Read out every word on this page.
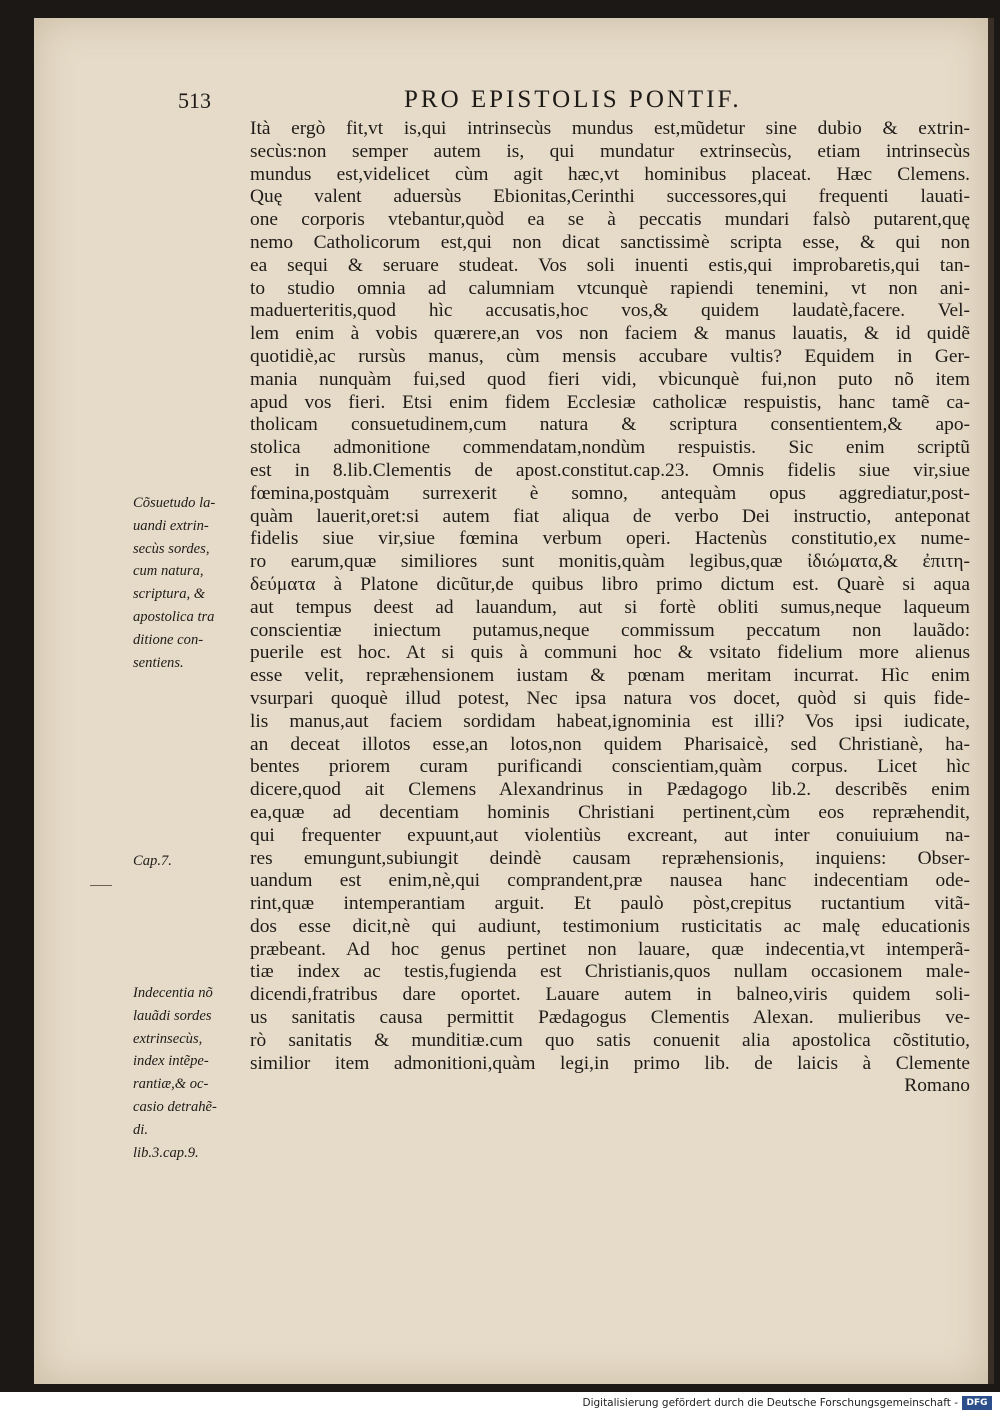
513	PRO EPISTOLIS PONTIF.
Ità ergò fit,vt is,qui intrinsecùs mundus est,mũdetur sine dubio & extrin-
secùs:non semper autem is, qui mundatur extrinsecùs, etiam intrinsecùs
mundus est,videlicet cùm agit hæc,vt hominibus placeat. Hæc Clemens.
Quę valent aduersùs Ebionitas,Cerinthi successores,qui frequenti lauati-
one corporis vtebantur,quòd ea se à peccatis mundari falsò putarent,quę
nemo Catholicorum est,qui non dicat sanctissimè scripta esse, & qui non
ea sequi & seruare studeat. Vos soli inuenti estis,qui improbaretis,qui tan-
to studio omnia ad calumniam vtcunquè rapiendi tenemini, vt non ani-
maduerteritis,quod hìc accusatis,hoc vos,& quidem laudatè,facere. Vel-
lem enim à vobis quærere,an vos non faciem & manus lauatis, & id quidẽ
quotidiè,ac rursùs manus, cùm mensis accubare vultis? Equidem in Ger-
mania nunquàm fui,sed quod fieri vidi, vbicunquè fui,non puto nõ item
apud vos fieri. Etsi enim fidem Ecclesiæ catholicæ respuistis, hanc tamẽ ca-
tholicam consuetudinem,cum natura & scriptura consentientem,& apo-
stolica admonitione commendatam,nondùm respuistis. Sic enim scriptũ
est in 8.lib.Clementis de apost.constitut.cap.23. Omnis fidelis siue vir,siue
fœmina,postquàm surrexerit è somno, antequàm opus aggrediatur,post-
quàm lauerit,oret:si autem fiat aliqua de verbo Dei instructio, anteponat
fidelis siue vir,siue fœmina verbum operi. Hactenùs constitutio,ex nume-
ro earum,quæ similiores sunt monitis,quàm legibus,quæ ἰδιώματα,& ἐπιτη-
δεύματα à Platone dicũtur,de quibus libro primo dictum est. Quarè si aqua
aut tempus deest ad lauandum, aut si fortè obliti sumus,neque laqueum
conscientiæ iniectum putamus,neque commissum peccatum non lauãdo:
puerile est hoc. At si quis à communi hoc & vsitato fidelium more alienus
esse velit, repræhensionem iustam & pœnam meritam incurrat. Hìc enim
vsurpari quoquè illud potest, Nec ipsa natura vos docet, quòd si quis fide-
lis manus,aut faciem sordidam habeat,ignominia est illi? Vos ipsi iudicate,
an deceat illotos esse,an lotos,non quidem Pharisaicè, sed Christianè, ha-
bentes priorem curam purificandi conscientiam,quàm corpus. Licet hìc
dicere,quod ait Clemens Alexandrinus in Pædagogo lib.2. describẽs enim
ea,quæ ad decentiam hominis Christiani pertinent,cùm eos repræhendit,
qui frequenter expuunt,aut violentiùs excreant, aut inter conuiuium na-
res emungunt,subiungit deindè causam repræhensionis, inquiens: Obser-
uandum est enim,nè,qui comprandent,præ nausea hanc indecentiam ode-
rint,quæ intemperantiam arguit. Et paulò pòst,crepitus ructantium vitã-
dos esse dicit,nè qui audiunt, testimonium rusticitatis ac malę educationis
præbeant. Ad hoc genus pertinet non lauare, quæ indecentia,vt intemperã-
tiæ index ac testis,fugienda est Christianis,quos nullam occasionem male-
dicendi,fratribus dare oportet. Lauare autem in balneo,viris quidem soli-
us sanitatis causa permittit Pædagogus Clementis Alexan. mulieribus ve-
rò sanitatis & munditiæ.cum quo satis conuenit alia apostolica cõstitutio,
similior item admonitioni,quàm legi,in primo lib. de laicis à Clemente
Romano
Cõsuetudo la-
uandi extrin-
secùs sordes,
cum natura,
scriptura, &
apostolica tra
ditione con-
sentiens.
Cap.7.
Indecentia nõ
lauãdi sordes
extrinsecùs,
index intẽpe-
rantiæ,& oc-
casio detrahẽ-
di.
lib.3.cap.9.
Digitalisierung gefördert durch die Deutsche Forschungsgemeinschaft - DFG
